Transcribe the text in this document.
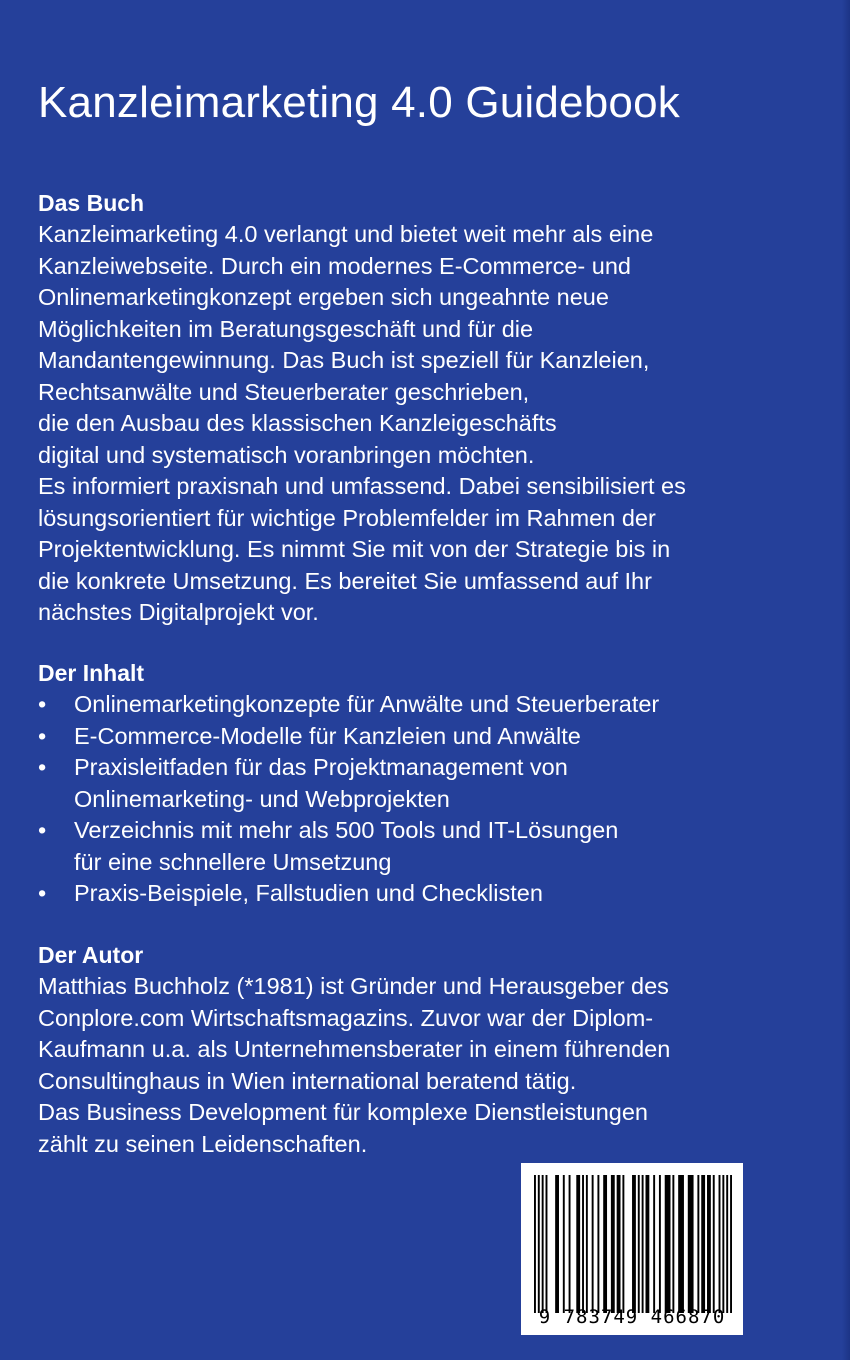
Kanzleimarketing 4.0 Guidebook
Das Buch

Kanzleimarketing 4.0 verlangt und bietet weit mehr als eine

Kanzleiwebseite. Durch ein modernes E-Commerce- und

Onlinemarketingkonzept ergeben sich ungeahnte neue

Möglichkeiten im Beratungsgeschäft und für die

Mandantengewinnung. Das Buch ist speziell für Kanzleien,

Rechtsanwälte und Steuerberater geschrieben,

die den Ausbau des klassischen Kanzleigeschäfts

digital und systematisch voranbringen möchten.

Es informiert praxisnah und umfassend. Dabei sensibilisiert es

lösungsorientiert für wichtige Problemfelder im Rahmen der

Projektentwicklung. Es nimmt Sie mit von der Strategie bis in

die konkrete Umsetzung. Es bereitet Sie umfassend auf Ihr

nächstes Digitalprojekt vor.

Der Inhalt
• Onlinemarketingkonzepte für Anwälte und Steuerberater

• E-Commerce-Modelle für Kanzleien und Anwälte

• Praxisleitfaden für das Projektmanagement von

Onlinemarketing- und Webprojekten

• Verzeichnis mit mehr als 500 Tools und IT-Lösungen

für eine schnellere Umsetzung

• Praxis-Beispiele, Fallstudien und Checklisten

Der Autor

Matthias Buchholz (*1981) ist Gründer und Herausgeber des

Conplore.com Wirtschaftsmagazins. Zuvor war der Diplom-

Kaufmann u.a. als Unternehmensberater in einem führenden

Consultinghaus in Wien international beratend tätig.

Das Business Development für komplexe Dienstleistungen

zählt zu seinen Leidenschaften.

9 783749 466870
